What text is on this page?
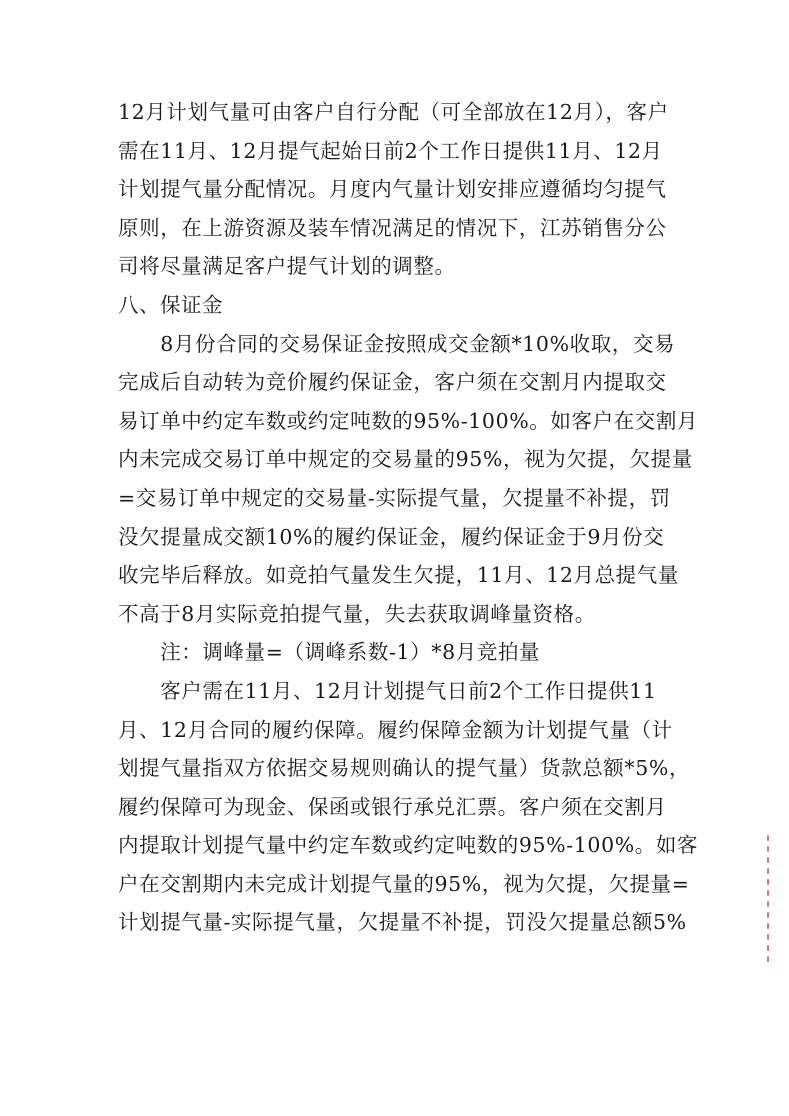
12月计划气量可由客户自行分配（可全部放在12月），客户
需在11月、12月提气起始日前2个工作日提供11月、12月
计划提气量分配情况。月度内气量计划安排应遵循均匀提气
原则，在上游资源及装车情况满足的情况下，江苏销售分公
司将尽量满足客户提气计划的调整。
八、保证金
　　8月份合同的交易保证金按照成交金额*10%收取，交易
完成后自动转为竞价履约保证金，客户须在交割月内提取交
易订单中约定车数或约定吨数的95%-100%。如客户在交割月
内未完成交易订单中规定的交易量的95%，视为欠提，欠提量
=交易订单中规定的交易量-实际提气量，欠提量不补提，罚
没欠提量成交额10%的履约保证金，履约保证金于9月份交
收完毕后释放。如竞拍气量发生欠提，11月、12月总提气量
不高于8月实际竞拍提气量，失去获取调峰量资格。
　　注：调峰量=（调峰系数-1）*8月竞拍量
　　客户需在11月、12月计划提气日前2个工作日提供11
月、12月合同的履约保障。履约保障金额为计划提气量（计
划提气量指双方依据交易规则确认的提气量）货款总额*5%，
履约保障可为现金、保函或银行承兑汇票。客户须在交割月
内提取计划提气量中约定车数或约定吨数的95%-100%。如客
户在交割期内未完成计划提气量的95%，视为欠提，欠提量=
计划提气量-实际提气量，欠提量不补提，罚没欠提量总额5%
